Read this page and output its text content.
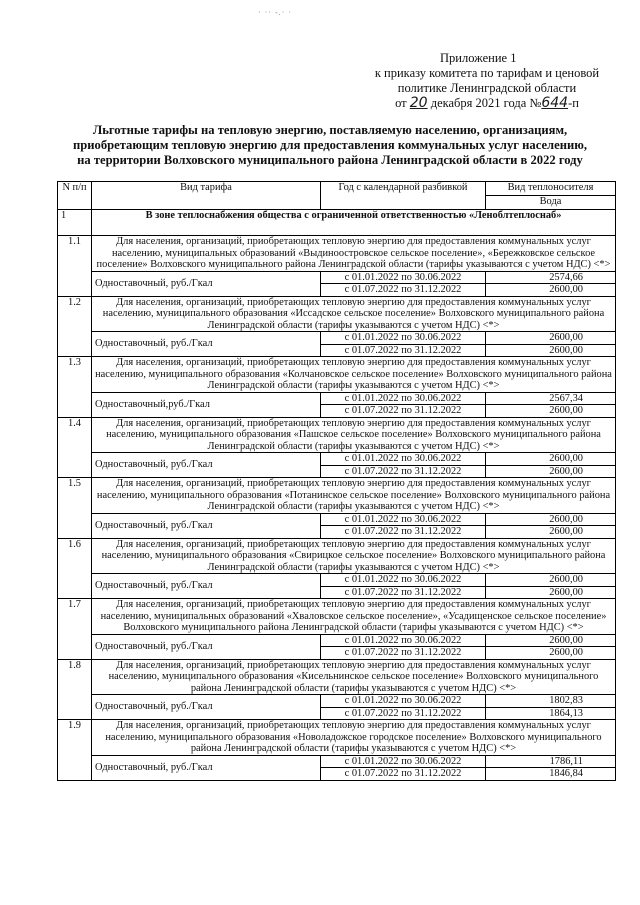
· ·· -.· ·
Приложение 1
к приказу комитета по тарифам и ценовой
политике Ленинградской области
от 20 декабря 2021 года №644-п
Льготные тарифы на тепловую энергию, поставляемую населению, организациям,
приобретающим тепловую энергию для предоставления коммунальных услуг населению,
на территории Волховского муниципального района Ленинградской области в 2022 году
N п/п	Вид тарифа	Год с календарной разбивкой	Вид теплоносителя
			Вода
1	В зоне теплоснабжения общества с ограниченной ответственностью «Леноблтеплоснаб»		
1.1	Для населения, организаций, приобретающих тепловую энергию для предоставления коммунальных услуг населению, муниципальных образований «Выдиноостровское сельское поселение», «Бережковское сельское поселение» Волховского муниципального района Ленинградской области (тарифы указываются с учетом НДС) <*>		
	Одноставочный, руб./Гкал	с 01.01.2022 по 30.06.2022	2574,66
		с 01.07.2022 по 31.12.2022	2600,00
1.2	Для населения, организаций, приобретающих тепловую энергию для предоставления коммунальных услуг населению, муниципального образования «Иссадское сельское поселение» Волховского муниципального района Ленинградской области (тарифы указываются с учетом НДС) <*>		
	Одноставочный, руб./Гкал	с 01.01.2022 по 30.06.2022	2600,00
		с 01.07.2022 по 31.12.2022	2600,00
1.3	Для населения, организаций, приобретающих тепловую энергию для предоставления коммунальных услуг населению, муниципального образования «Колчановское сельское поселение» Волховского муниципального района Ленинградской области (тарифы указываются с учетом НДС) <*>		
	Одноставочный,руб./Гкал	с 01.01.2022 по 30.06.2022	2567,34
		с 01.07.2022 по 31.12.2022	2600,00
1.4	Для населения, организаций, приобретающих тепловую энергию для предоставления коммунальных услуг населению, муниципального образования «Пашское сельское поселение» Волховского муниципального района Ленинградской области (тарифы указываются с учетом НДС) <*>		
	Одноставочный, руб./Гкал	с 01.01.2022 по 30.06.2022	2600,00
		с 01.07.2022 по 31.12.2022	2600,00
1.5	Для населения, организаций, приобретающих тепловую энергию для предоставления коммунальных услуг населению, муниципального образования «Потанинское сельское поселение» Волховского муниципального района Ленинградской области (тарифы указываются с учетом НДС) <*>		
	Одноставочный, руб./Гкал	с 01.01.2022 по 30.06.2022	2600,00
		с 01.07.2022 по 31.12.2022	2600,00
1.6	Для населения, организаций, приобретающих тепловую энергию для предоставления коммунальных услуг населению, муниципального образования «Свирицкое сельское поселение» Волховского муниципального района Ленинградской области (тарифы указываются с учетом НДС) <*>		
	Одноставочный, руб./Гкал	с 01.01.2022 по 30.06.2022	2600,00
		с 01.07.2022 по 31.12.2022	2600,00
1.7	Для населения, организаций, приобретающих тепловую энергию для предоставления коммунальных услуг населению, муниципальных образований «Хваловское сельское поселение», «Усадищенское сельское поселение» Волховского муниципального района Ленинградской области (тарифы указываются с учетом НДС) <*>		
	Одноставочный, руб./Гкал	с 01.01.2022 по 30.06.2022	2600,00
		с 01.07.2022 по 31.12.2022	2600,00
1.8	Для населения, организаций, приобретающих тепловую энергию для предоставления коммунальных услуг населению, муниципального образования «Кисельнинское сельское поселение» Волховского муниципального района Ленинградской области (тарифы указываются с учетом НДС) <*>		
	Одноставочный, руб./Гкал	с 01.01.2022 по 30.06.2022	1802,83
		с 01.07.2022 по 31.12.2022	1864,13
1.9	Для населения, организаций, приобретающих тепловую энергию для предоставления коммунальных услуг населению, муниципального образования «Новоладожское городское поселение» Волховского муниципального района Ленинградской области (тарифы указываются с учетом НДС) <*>		
	Одноставочный, руб./Гкал	с 01.01.2022 по 30.06.2022	1786,11
		с 01.07.2022 по 31.12.2022	1846,84
